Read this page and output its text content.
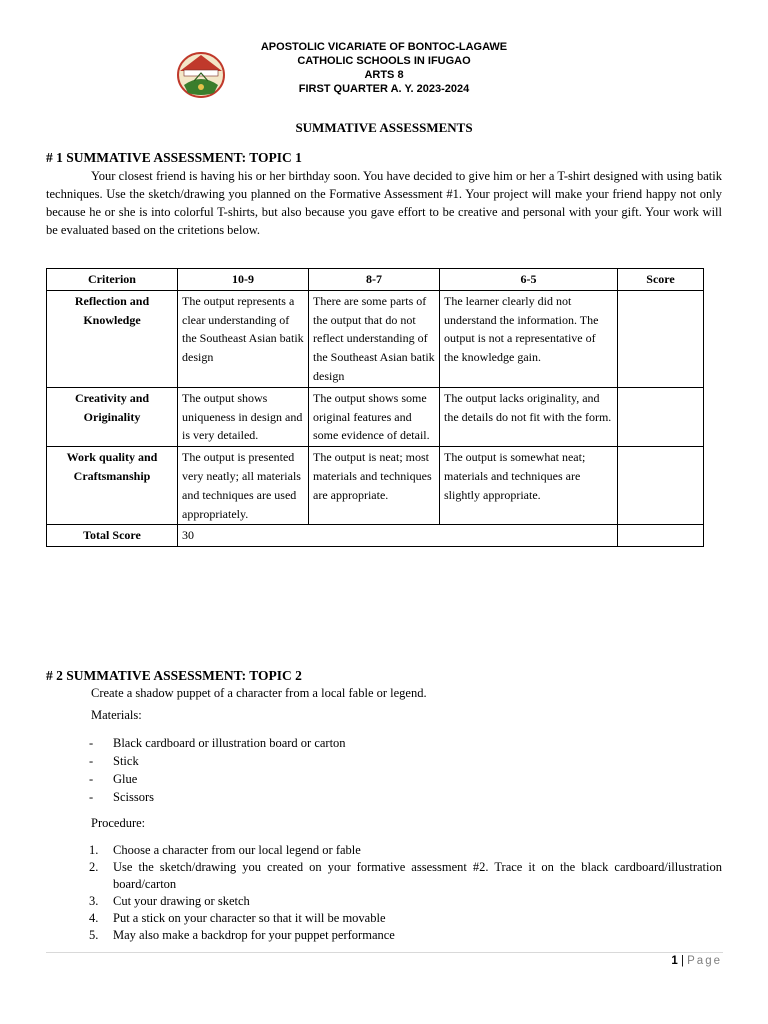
APOSTOLIC VICARIATE OF BONTOC-LAGAWE
CATHOLIC SCHOOLS IN IFUGAO
ARTS 8
FIRST QUARTER A. Y. 2023-2024
SUMMATIVE ASSESSMENTS
# 1 SUMMATIVE ASSESSMENT: TOPIC 1

Your closest friend is having his or her birthday soon. You have decided to give him or her a T-shirt designed with using batik techniques. Use the sketch/drawing you planned on the Formative Assessment #1. Your project will make your friend happy not only because he or she is into colorful T-shirts, but also because you gave effort to be creative and personal with your gift. Your work will be evaluated based on the critetions below.

Criterion	10-9	8-7	6-5	Score
Reflection and Knowledge	The output represents a clear understanding of the Southeast Asian batik design	There are some parts of the output that do not reflect understanding of the Southeast Asian batik design	The learner clearly did not understand the information. The output is not a representative of the knowledge gain.	
Creativity and Originality	The output shows uniqueness in design and is very detailed.	The output shows some original features and some evidence of detail.	The output lacks originality, and the details do not fit with the form.	
Work quality and Craftsmanship	The output is presented very neatly; all materials and techniques are used appropriately.	The output is neat; most materials and techniques are appropriate.	The output is somewhat neat; materials and techniques are slightly appropriate.	
Total Score	30			
# 2 SUMMATIVE ASSESSMENT: TOPIC 2
Create a shadow puppet of a character from a local fable or legend.
Materials:
- Black cardboard or illustration board or carton
- Stick
- Glue
- Scissors
Procedure:
1. Choose a character from our local legend or fable
2. Use the sketch/drawing you created on your formative assessment #2. Trace it on the black cardboard/illustration board/carton
3. Cut your drawing or sketch
4. Put a stick on your character so that it will be movable
5. May also make a backdrop for your puppet performance
1 | Page
